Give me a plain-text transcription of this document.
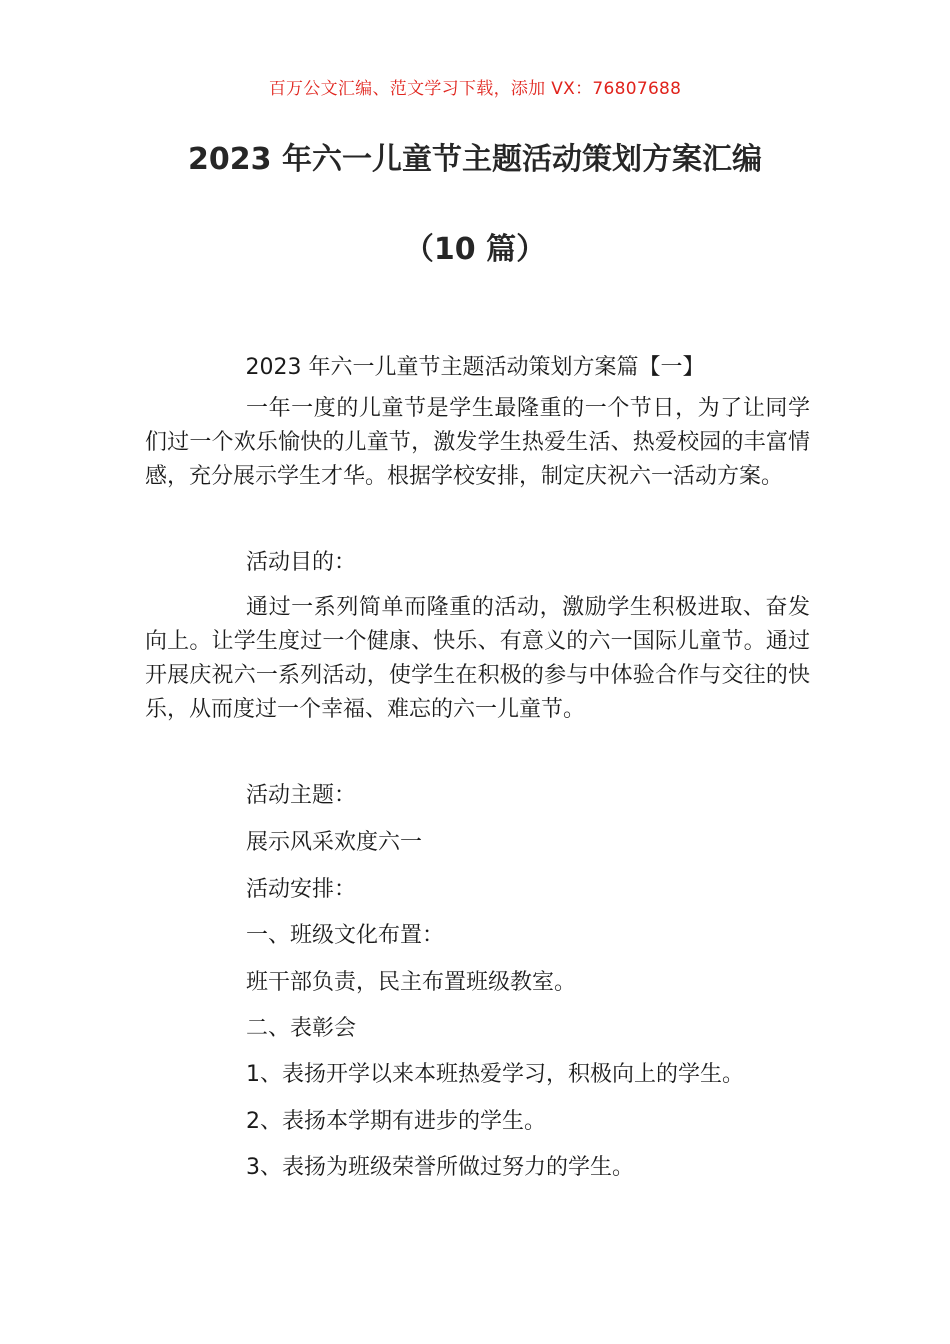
百万公文汇编、范文学习下载，添加 VX：76807688
2023 年六一儿童节主题活动策划方案汇编
（10 篇）
2023 年六一儿童节主题活动策划方案篇【一】

一年一度的儿童节是学生最隆重的一个节日，为了让同学们过一个欢乐愉快的儿童节，激发学生热爱生活、热爱校园的丰富情感，充分展示学生才华。根据学校安排，制定庆祝六一活动方案。

活动目的：

通过一系列简单而隆重的活动，激励学生积极进取、奋发向上。让学生度过一个健康、快乐、有意义的六一国际儿童节。通过开展庆祝六一系列活动，使学生在积极的参与中体验合作与交往的快乐，从而度过一个幸福、难忘的六一儿童节。

活动主题：
展示风采欢度六一
活动安排：
一、班级文化布置：
班干部负责，民主布置班级教室。
二、表彰会
1、表扬开学以来本班热爱学习，积极向上的学生。
2、表扬本学期有进步的学生。
3、表扬为班级荣誉所做过努力的学生。
